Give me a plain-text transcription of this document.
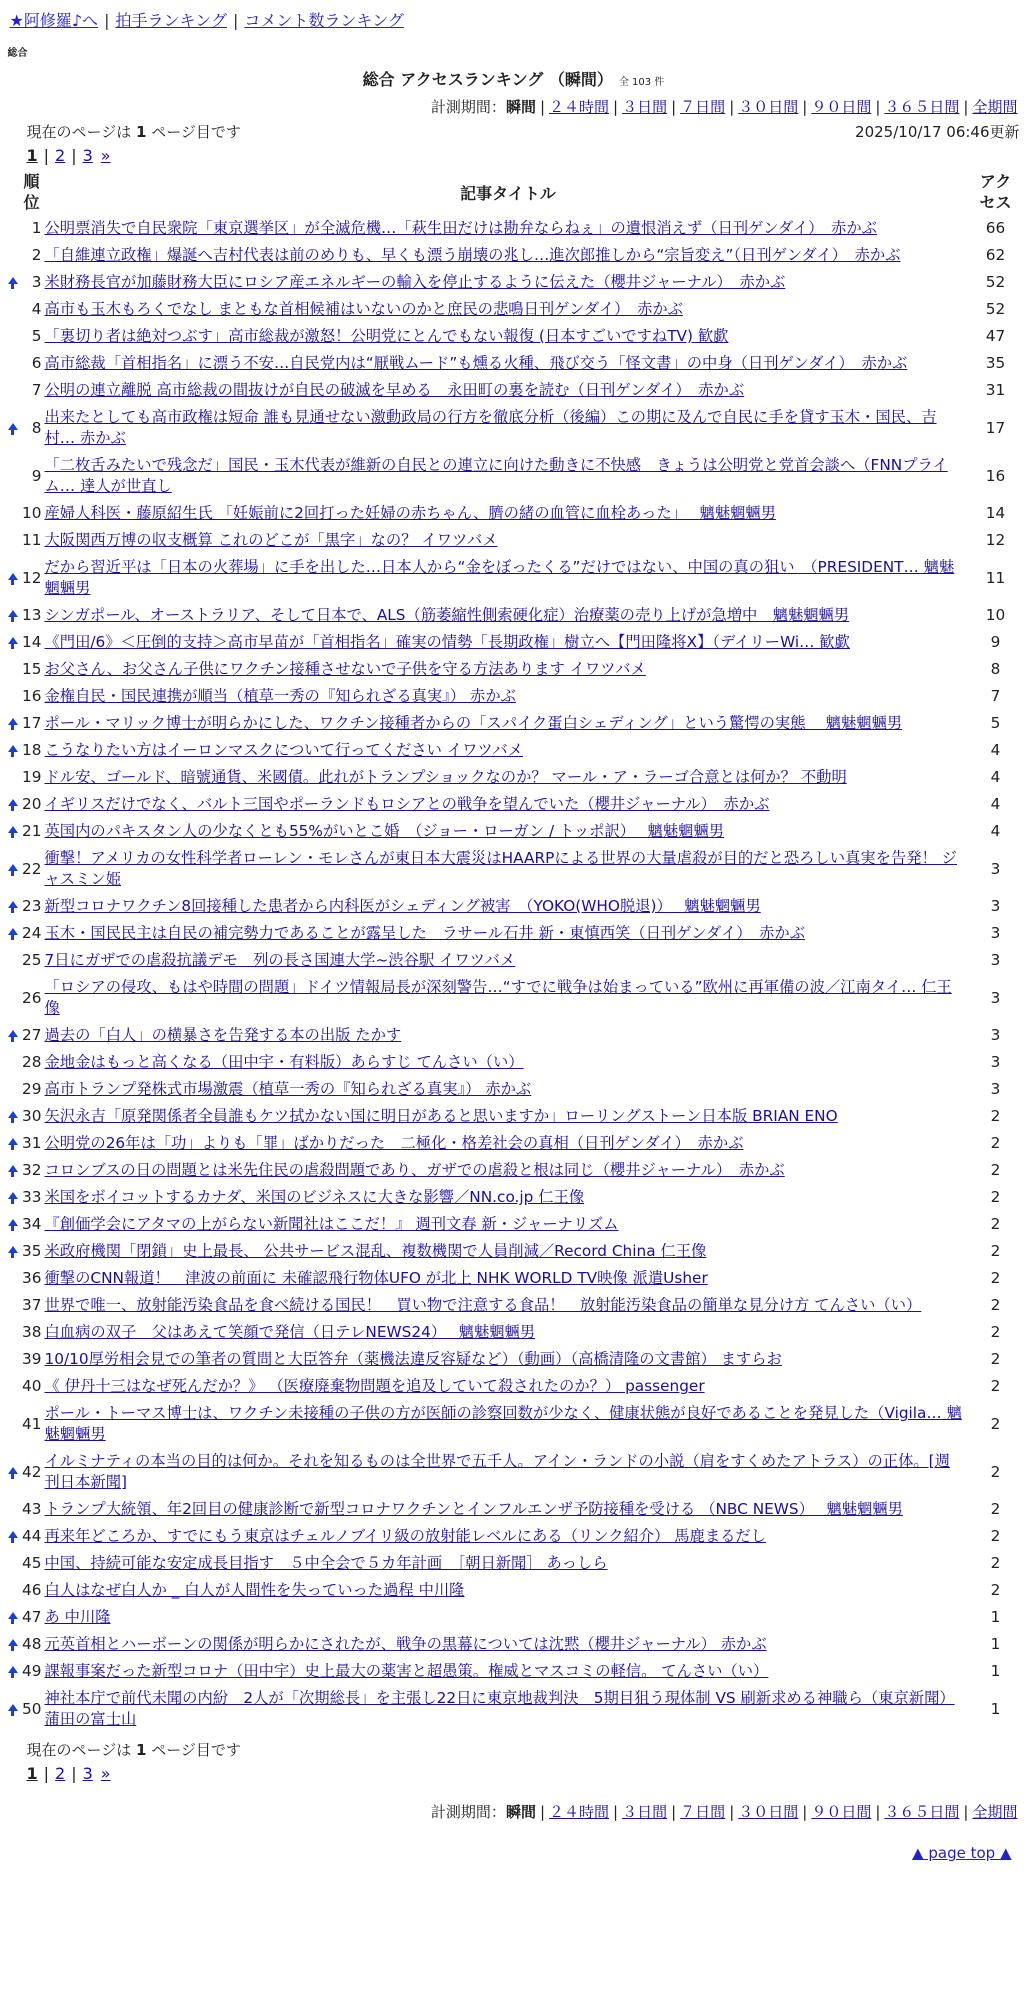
★阿修羅♪へ | 拍手ランキング | コメント数ランキング
総合
総合 アクセスランキング （瞬間） 全 103 件
計測期間：瞬間 | ２４時間 | ３日間 | ７日間 | ３０日間 | ９０日間 | ３６５日間 | 全期間
現在のページは 1 ページ目です	2025/10/17 06:46更新
1 | 2 | 3 »
順位		記事タイトル	アクセス
	1	公明票消失で自民衆院「東京選挙区」が全滅危機…「萩生田だけは勘弁ならねぇ」の遺恨消えず（日刊ゲンダイ）　赤かぶ	66
	2	「自維連立政権」爆誕へ吉村代表は前のめりも、早くも漂う崩壊の兆し…進次郎推しから“宗旨変え”（日刊ゲンダイ）　赤かぶ	62
	3	米財務長官が加藤財務大臣にロシア産エネルギーの輸入を停止するように伝えた（櫻井ジャーナル）　赤かぶ	52
	4	高市も玉木もろくでなし まともな首相候補はいないのかと庶民の悲鳴日刊ゲンダイ）　赤かぶ	52
	5	「裏切り者は絶対つぶす」高市総裁が激怒！公明党にとんでもない報復 (日本すごいですねTV) 歓歔	47
	6	高市総裁「首相指名」に漂う不安…自民党内は“厭戦ムード”も燻る火種、飛び交う「怪文書」の中身（日刊ゲンダイ）　赤かぶ	35
	7	公明の連立離脱 高市総裁の間抜けが自民の破滅を早める　永田町の裏を読む（日刊ゲンダイ）　赤かぶ	31
	8	出来たとしても高市政権は短命 誰も見通せない激動政局の行方を徹底分析（後編）この期に及んで自民に手を貸す玉木・国民、吉村… 赤かぶ	17
	9	「二枚舌みたいで残念だ」国民・玉木代表が維新の自民との連立に向けた動きに不快感　きょうは公明党と党首会談へ（FNNプライム… 達人が世直し	16
	10	産婦人科医・藤原紹生氏 「妊娠前に2回打った妊婦の赤ちゃん、臍の緒の血管に血栓あった」　 魑魅魍魎男	14
	11	大阪関西万博の収支概算 これのどこが「黒字」なの？ イワツバメ	12
	12	だから習近平は「日本の火葬場」に手を出した…日本人から“金をぼったくる”だけではない、中国の真の狙い　（PRESIDENT… 魑魅魍魎男	11
	13	シンガポール、オーストラリア、そして日本で、ALS（筋萎縮性側索硬化症）治療薬の売り上げが急増中　魑魅魍魎男	10
	14	《門田/6》＜圧倒的支持＞高市早苗が「首相指名」確実の情勢「長期政権」樹立へ【門田隆将X】（デイリーWi… 歓歔	9
	15	お父さん、お父さん子供にワクチン接種させないで子供を守る方法あります イワツバメ	8
	16	金権自民・国民連携が順当（植草一秀の『知られざる真実』） 赤かぶ	7
	17	ポール・マリック博士が明らかにした、ワクチン接種者からの「スパイク蛋白シェディング」という驚愕の実態　 魑魅魍魎男	5
	18	こうなりたい方はイーロンマスクについて行ってください イワツバメ	4
	19	ドル安、ゴールド、暗號通貨、米國債。此れがトランプショックなのか？ マール・ア・ラーゴ合意とは何か？ 不動明	4
	20	イギリスだけでなく、バルト三国やポーランドもロシアとの戦争を望んでいた（櫻井ジャーナル）　赤かぶ	4
	21	英国内のパキスタン人の少なくとも55%がいとこ婚　（ジョー・ローガン / トッポ訳）　 魑魅魍魎男	4
	22	衝撃！アメリカの女性科学者ローレン・モレさんが東日本大震災はHAARPによる世界の大量虐殺が目的だと恐ろしい真実を告発！ ジャスミン姫	3
	23	新型コロナワクチン8回接種した患者から内科医がシェディング被害　（YOKO(WHO脱退)）　 魑魅魍魎男	3
	24	玉木・国民民主は自民の補完勢力であることが露呈した　ラサール石井 新・東慎西笑（日刊ゲンダイ）　赤かぶ	3
	25	7日にガザでの虐殺抗議デモ　列の長さ国連大学~渋谷駅 イワツバメ	3
	26	「ロシアの侵攻、もはや時間の問題」ドイツ情報局長が深刻警告…“すでに戦争は始まっている”欧州に再軍備の波／江南タイ… 仁王像	3
	27	過去の「白人」の横暴さを告発する本の出版 たかす	3
	28	金地金はもっと高くなる（田中宇・有料版）あらすじ てんさい（い）	3
	29	高市トランプ発株式市場激震（植草一秀の『知られざる真実』） 赤かぶ	3
	30	矢沢永吉「原発関係者全員誰もケツ拭かない国に明日があると思いますか」ローリングストーン日本版 BRIAN ENO	2
	31	公明党の26年は「功」よりも「罪」ばかりだった　二極化・格差社会の真相（日刊ゲンダイ）　赤かぶ	2
	32	コロンブスの日の問題とは米先住民の虐殺問題であり、ガザでの虐殺と根は同じ（櫻井ジャーナル）　赤かぶ	2
	33	米国をボイコットするカナダ、米国のビジネスに大きな影響／NN.co.jp 仁王像	2
	34	『創価学会にアタマの上がらない新聞社はここだ！』 週刊文春 新・ジャーナリズム	2
	35	米政府機関「閉鎖」史上最長、 公共サービス混乱、複数機関で人員削減／Record China 仁王像	2
	36	衝撃のCNN報道！　津波の前面に 未確認飛行物体UFO が北上 NHK WORLD TV映像 派遣Usher	2
	37	世界で唯一、放射能汚染食品を食べ続ける国民！　買い物で注意する食品！　放射能汚染食品の簡単な見分け方 てんさい（い）	2
	38	白血病の双子　父はあえて笑顔で発信（日テレNEWS24）　 魑魅魍魎男	2
	39	10/10厚労相会見での筆者の質問と大臣答弁（薬機法違反容疑など）（動画）（高橋清隆の文書館） ますらお	2
	40	《 伊丹十三はなぜ死んだか？》 （医療廃棄物問題を追及していて殺されたのか？） passenger	2
	41	ポール・トーマス博士は、ワクチン未接種の子供の方が医師の診察回数が少なく、健康状態が良好であることを発見した（Vigila… 魑魅魍魎男	2
	42	イルミナティの本当の目的は何か。それを知るものは全世界で五千人。アイン・ランドの小説（肩をすくめたアトラス）の正体。[週刊日本新聞]	2
	43	トランプ大統領、年2回目の健康診断で新型コロナワクチンとインフルエンザ予防接種を受ける （NBC NEWS）　 魑魅魍魎男	2
	44	再来年どころか、すでにもう東京はチェルノブイリ級の放射能レベルにある（リンク紹介） 馬鹿まるだし	2
	45	中国、持続可能な安定成長目指す　５中全会で５カ年計画　［朝日新聞］ あっしら	2
	46	白人はなぜ白人か _ 白人が人間性を失っていった過程 中川隆	2
	47	あ 中川隆	1
	48	元英首相とハーボーンの関係が明らかにされたが、戦争の黒幕については沈黙（櫻井ジャーナル） 赤かぶ	1
	49	課報事案だった新型コロナ（田中宇）史上最大の薬害と超愚策。権威とマスコミの軽信。 てんさい（い）	1
	50	神社本庁で前代未聞の内紛　2人が「次期総長」を主張し22日に東京地裁判決　5期目狙う現体制 VS 刷新求める神職ら（東京新聞） 蒲田の富士山	1
現在のページは 1 ページ目です
1 | 2 | 3 »
計測期間：瞬間 | ２４時間 | ３日間 | ７日間 | ３０日間 | ９０日間 | ３６５日間 | 全期間
▲ page top ▲
